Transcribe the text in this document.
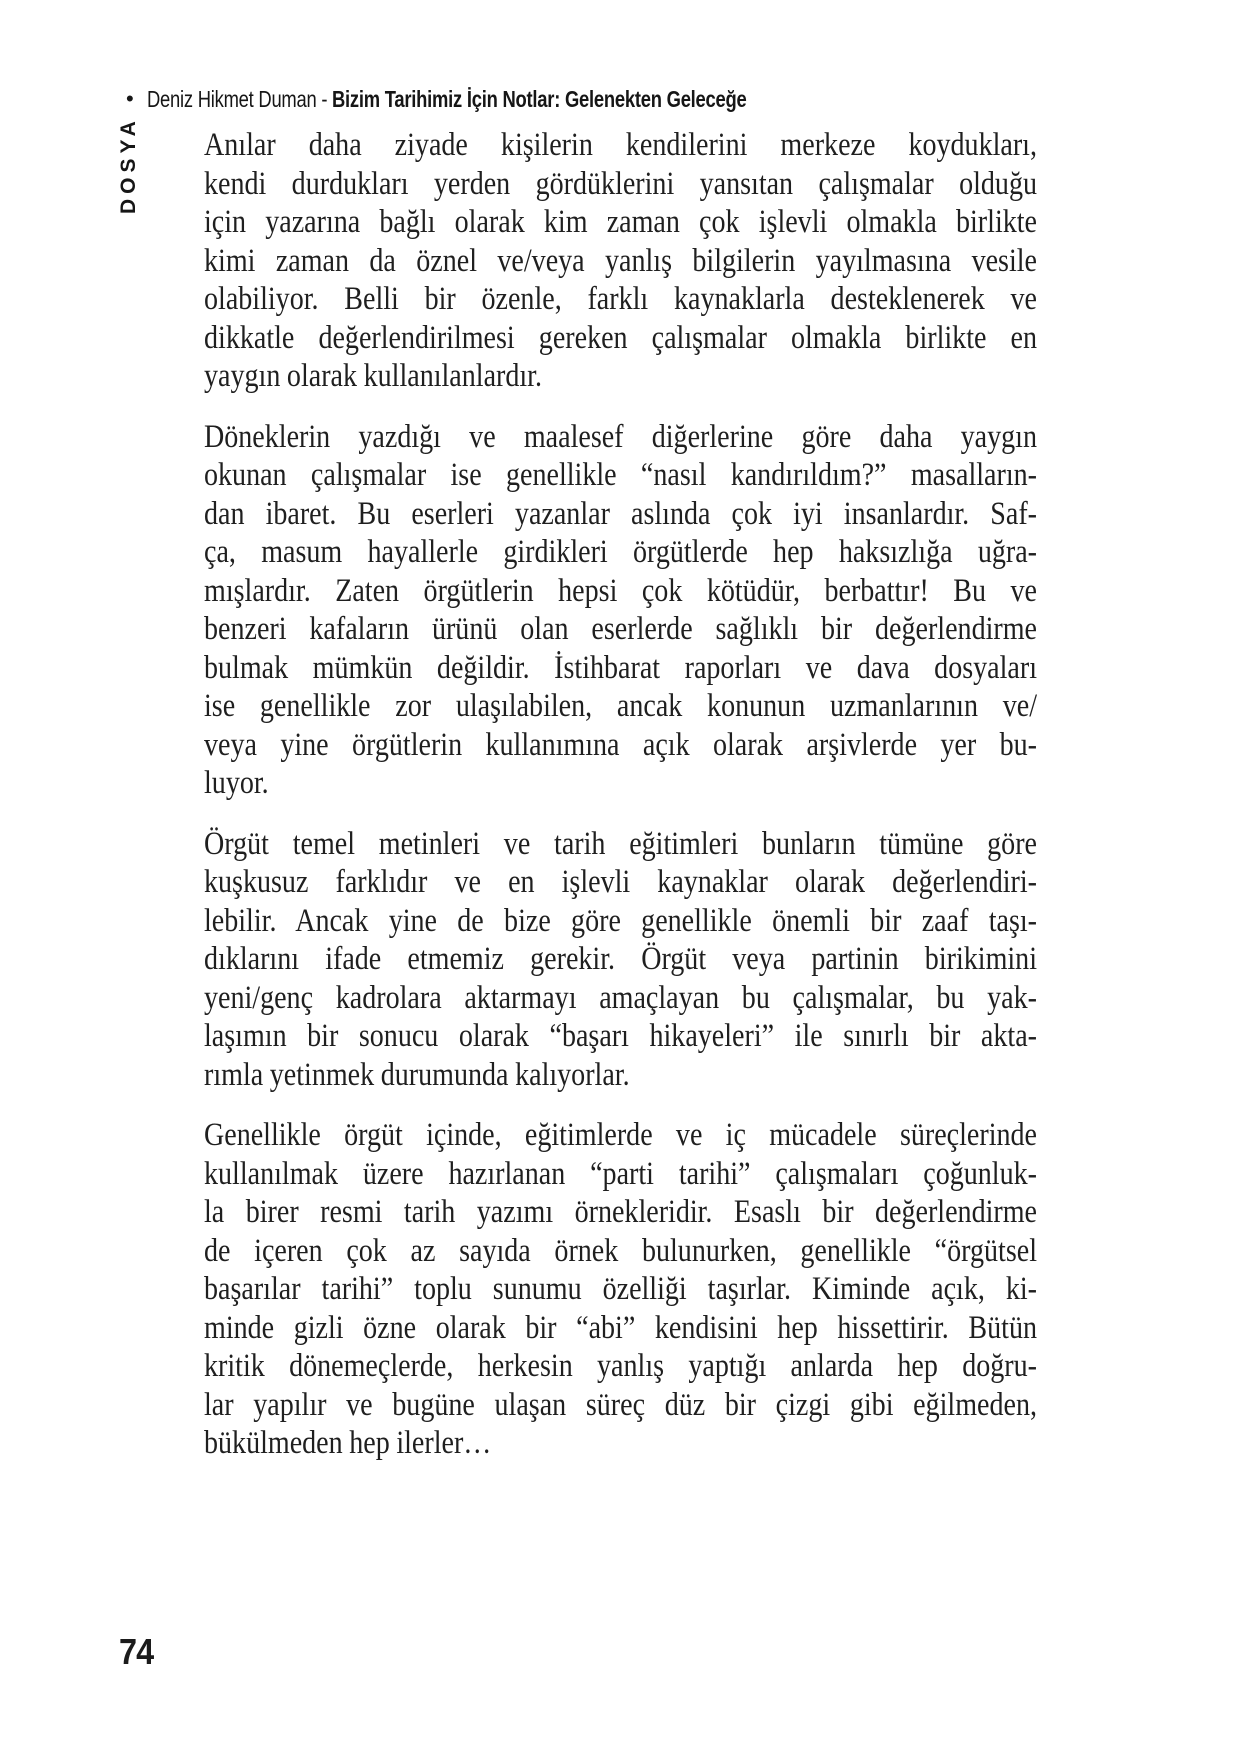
• Deniz Hikmet Duman - Bizim Tarihimiz İçin Notlar: Gelenekten Geleceğe
DOSYA Anılar daha ziyade kişilerin kendilerini merkeze koydukları,
kendi durdukları yerden gördüklerini yansıtan çalışmalar olduğu
için yazarına bağlı olarak kim zaman çok işlevli olmakla birlikte
kimi zaman da öznel ve/veya yanlış bilgilerin yayılmasına vesile
olabiliyor. Belli bir özenle, farklı kaynaklarla desteklenerek ve
dikkatle değerlendirilmesi gereken çalışmalar olmakla birlikte en
yaygın olarak kullanılanlardır.
Döneklerin yazdığı ve maalesef diğerlerine göre daha yaygın
okunan çalışmalar ise genellikle “nasıl kandırıldım?” masalların-
dan ibaret. Bu eserleri yazanlar aslında çok iyi insanlardır. Saf-
ça, masum hayallerle girdikleri örgütlerde hep haksızlığa uğra-
mışlardır. Zaten örgütlerin hepsi çok kötüdür, berbattır! Bu ve
benzeri kafaların ürünü olan eserlerde sağlıklı bir değerlendirme
bulmak mümkün değildir. İstihbarat raporları ve dava dosyaları
ise genellikle zor ulaşılabilen, ancak konunun uzmanlarının ve/
veya yine örgütlerin kullanımına açık olarak arşivlerde yer bu-
luyor.
Örgüt temel metinleri ve tarih eğitimleri bunların tümüne göre
kuşkusuz farklıdır ve en işlevli kaynaklar olarak değerlendiri-
lebilir. Ancak yine de bize göre genellikle önemli bir zaaf taşı-
dıklarını ifade etmemiz gerekir. Örgüt veya partinin birikimini
yeni/genç kadrolara aktarmayı amaçlayan bu çalışmalar, bu yak-
laşımın bir sonucu olarak “başarı hikayeleri” ile sınırlı bir akta-
rımla yetinmek durumunda kalıyorlar.
Genellikle örgüt içinde, eğitimlerde ve iç mücadele süreçlerinde
kullanılmak üzere hazırlanan “parti tarihi” çalışmaları çoğunluk-
la birer resmi tarih yazımı örnekleridir. Esaslı bir değerlendirme
de içeren çok az sayıda örnek bulunurken, genellikle “örgütsel
başarılar tarihi” toplu sunumu özelliği taşırlar. Kiminde açık, ki-
minde gizli özne olarak bir “abi” kendisini hep hissettirir. Bütün
kritik dönemeçlerde, herkesin yanlış yaptığı anlarda hep doğru-
lar yapılır ve bugüne ulaşan süreç düz bir çizgi gibi eğilmeden,
bükülmeden hep ilerler…
74
